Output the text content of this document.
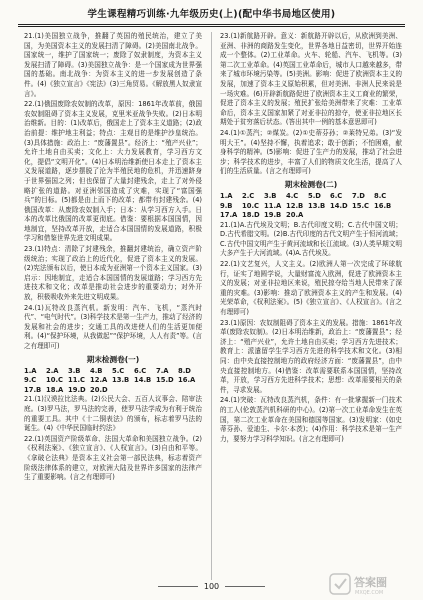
学生课程精巧训练·九年级历史(上)(配中华书局地区使用)

21.(1)美国独立战争，推翻了英国的殖民统治，建立了美国，为美国资本主义的发展扫清了障碍。(2)美国南北战争。国家统一，维护了国家统一；废除了奴隶制度，为资本主义发展扫清了障碍。(3)美国独立战争：是一个国家成为世界强国的基础。南北战争：为资本主义的进一步发展创造了条件。(4)《独立宣言》《宪法》(3)三角贸易。《解放黑人奴隶宣言》。

22.(1)俄国废除农奴制的改革，原因：1861年改革前，俄国农奴制阻碍了资本主义发展，克里米亚战争失败。(2)日本明治维新。目的：(1)改革后，俄国走上了资本主义道路；(2)政治前提：维护地主利益；特点：主观目的是维护沙皇统治。(3)具体措施：政治上：“废藩置县”。经济上：“殖产兴业”；允许土地自由买卖；文化上：大力发展教育，学习西方文化，提倡“文明开化”。(4)日本明治维新使日本走上了资本主义发展道路，逐步摆脱了沦为半殖民地的危机，并迅速跻身于世界强国之列；但也保留了大量封建残余，走上了对外侵略扩张的道路。对亚洲邻国造成了灾难，实现了“富国强兵”的目标。(5)都是由上而下的改革；都带有封建残余。(4)俄国改革：从废除农奴制入手；日本：从学习西方入手。日本的改革比俄国的改革更彻底。借鉴：要根据本国国情，因地制宜，坚持改革开放，走适合本国国情的发展道路，积极学习和借鉴世界先进文明成果。

23.(1)特点：清除了封建残余，推翻封建统治，确立资产阶级统治；实现了政治上的近代化，促进了资本主义的发展。(2)宪法颁布以后，使日本成为亚洲第一个资本主义国家。(3)启示：因地制宜，走适合本国国情的发展道路；学习西方先进技术和文化；改革是推动社会进步的重要动力；对外开放，积极吸收外来先进文明成果。

24.(1)瓦特改良蒸汽机。新发明：汽车、飞机，“蒸汽时代”、“电气时代”。(3)科学技术是第一生产力，推动了经济的发展和社会的进步；交通工具的改进使人们的生活更加便利。(4)“保护环境，从我做起”“保护环境，人人有责”等。(言之有理即可)

期末检测卷(一)
1.A 2.A 3.B 4.B 5.C 6.C 7.A 8.D
9.C 10.C 11.C 12.A 13.B 14.B 15.D 16.A
17.B 18.A 19.D 20.D

21.(1)汉谟拉比法典。(2)公民大会、五百人议事会、陪审法庭。(3)罗马法，罗马法的完善，使罗马法学成为有利于统治的重要工具。其中《十二铜表法》的颁布，标志着罗马法的诞生。(4)《中华民国临时约法》

22.(1)英国资产阶级革命、法国大革命和美国独立战争。(2)《权利法案》、《独立宣言》、《人权宣言》。(3)自由和平等。《拿破仑法典》是资本主义社会第一部民法典，标志着资产阶级法律体系的建立，对欧洲大陆及世界许多国家的法律产生了重要影响。(言之有理即可)

23.(1)新航路开辟。意义：新航路开辟以后，从欧洲到美洲、亚洲、非洲的商路发生变化，世界各地日益密切，世界开始连成一个整体。(2)工业革命。火车、轮船、汽车、飞机等。(3)第二次工业革命。(4)英国工业革命后，城市人口越来越多，带来了城市环境污染等。(5)美洲。影响：促进了欧洲资本主义的发展，加速了资本主义原始积累，但对美洲、非洲人民来说是一场灾难。(6)开辟新航路促进了欧洲资本主义工商业的繁荣，促进了资本主义的发展；殖民扩张给美洲带来了灾难：工业革命后，资本主义国家加紧了对亚非拉的掠夺，使亚非拉地区长期处于贫穷落后状态。(答出其中一例的基本意思即可)

24.(1)①蒸汽；②煤炭。(2)①史蒂芬孙；②莱特兄弟。(3)“发明大王”。(4)坚持不懈，执着追求；敢于创新；不怕困难，献身科学的精神。(5)影响：促进了生产力的发展，推动了社会进步；科学技术的进步，丰富了人们的物质文化生活，提高了人们的生活质量。(言之有理即可)

期末检测卷(二)
1.A 2.C 3.B 4.C 5.D 6.C 7.D 8.C
9.B 10.C 11.A 12.B 13.B 14.D 15.C 16.B
17.A 18.D 19.B 20.A

21.(1)A.古代埃及文明；B.古代印度文明；C.古代中国文明；D.古代希腊文明。(2)B.古代印度的古代文明产生于恒河流域；C.古代中国文明产生于黄河流域和长江流域。(3)人类早期文明大多产生于大河流域。(4)A.古代埃及。

22.(1)文艺复兴，人文主义。(2)欧洲人第一次完成了环球航行，证实了地圆学说，大量财富流入欧洲，促进了欧洲资本主义的发展；对亚非拉地区来说，殖民掠夺给当地人民带来了深重的灾难。(3)影响：推动了欧洲资本主义的产生和发展。(4)光荣革命，《权利法案》。(5)《独立宣言》、《人权宣言》。(言之有理即可)

23.(1)原因：农奴制阻碍了资本主义的发展。措施：1861年改革(废除农奴制)。(2)日本明治维新，政治上：“废藩置县”；经济上：“殖产兴业”，允许土地自由买卖；学习西方先进技术；教育上：派遣留学生学习西方先进的科学技术和文化。(3)相同：由中央直接控制地方的政府经济方面：“废藩置县”，由中央直接控制地方。(4)借鉴：改革需要联系本国国情，坚持改革，开放，学习西方先进科学技术；思想：改革需要相关的条件，寻求发展。

24.(1)突破：瓦特改良蒸汽机，条件：有一批掌握新一门技术的工人(伦敦蒸汽机科研的中心)。(2)第一次工业革命发生在英国，第二次工业革命在美国和德国等国家。(3)发明家：(如史蒂芬孙、爱迪生、卡尔·本茨)；(4)作用：科学技术是第一生产力，要努力学习科学知识。(言之有理即可)

100	答案圈
MXQE.COM
